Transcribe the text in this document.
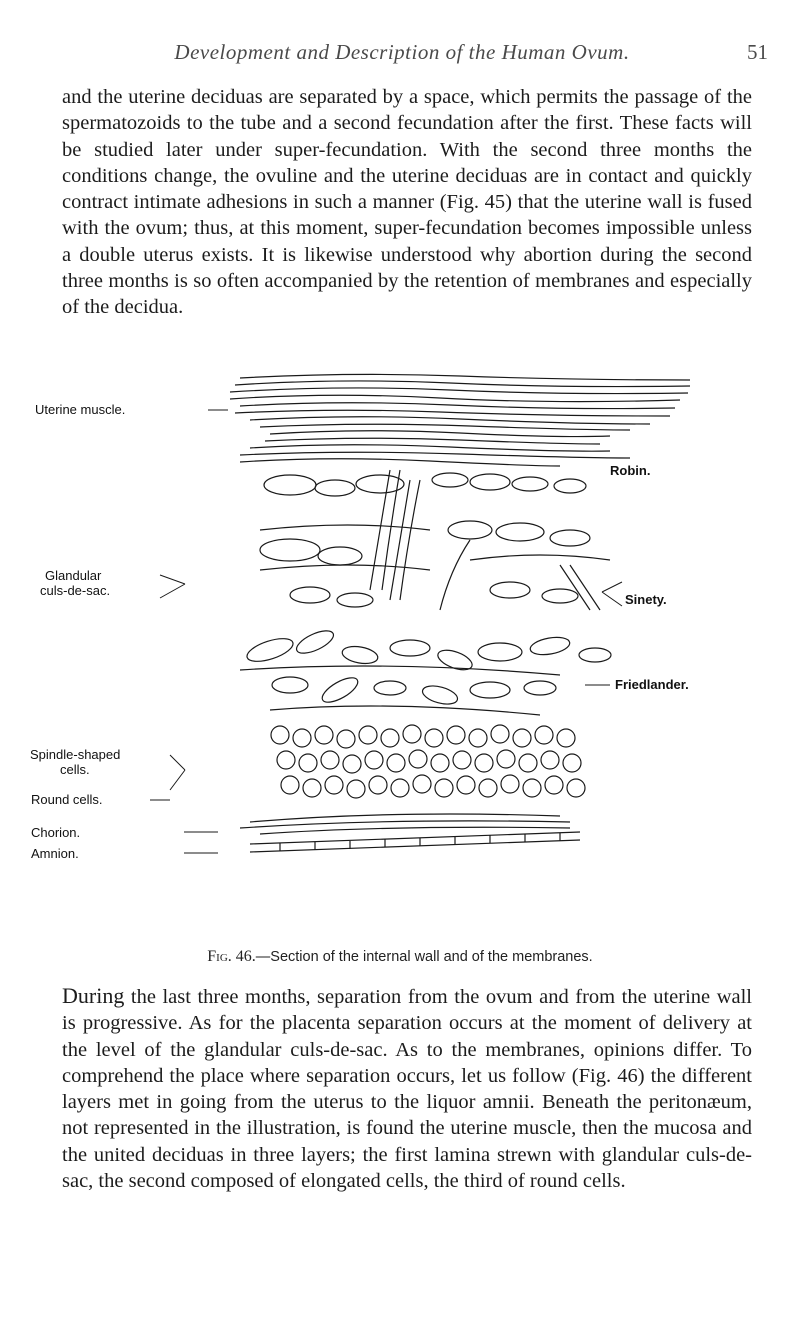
Development and Description of the Human Ovum.	51

and the uterine deciduas are separated by a space, which permits the passage of the spermatozoids to the tube and a second fecundation after the first. These facts will be studied later under super-fecundation. With the second three months the conditions change, the ovuline and the uterine deciduas are in contact and quickly contract intimate adhesions in such a manner (Fig. 45) that the uterine wall is fused with the ovum; thus, at this moment, super-fecundation becomes impossible unless a double uterus exists. It is likewise understood why abortion during the second three months is so often accompanied by the retention of membranes and especially of the decidua.

Uterine muscle.
Glandular
culs-de-sac.
Spindle-shaped
cells.
Round cells.
Chorion.
Amnion.
Robin.
Sinety.
Friedlander.
Fig. 46.—Section of the internal wall and of the membranes.

During the last three months, separation from the ovum and from the uterine wall is progressive. As for the placenta separation occurs at the moment of delivery at the level of the glandular culs-de-sac. As to the membranes, opinions differ. To comprehend the place where separation occurs, let us follow (Fig. 46) the different layers met in going from the uterus to the liquor amnii. Beneath the peritonæum, not represented in the illustration, is found the uterine muscle, then the mucosa and the united deciduas in three layers; the first lamina strewn with glandular culs-de-sac, the second composed of elongated cells, the third of round cells.
